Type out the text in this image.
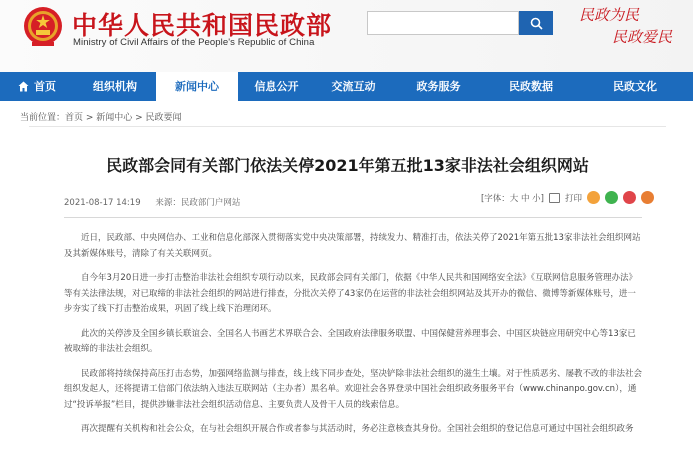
中华人民共和国民政部
Ministry of Civil Affairs of the People's Republic of China
民政为民
民政爱民
首页	组织机构	新闻中心	信息公开	交流互动	政务服务	民政数据	民政文化
当前位置：首页 > 新闻中心 > 民政要闻
民政部会同有关部门依法关停2021年第五批13家非法社会组织网站
2021-08-17 14:19 来源：民政部门户网站	[字体：大 中 小] 打印

近日，民政部、中央网信办、工业和信息化部深入贯彻落实党中央决策部署，持续发力、精准打击，依法关停了2021年第五批13家非法社会组织网站及其新媒体账号，清除了有关关联网页。

自今年3月20日进一步打击整治非法社会组织专项行动以来，民政部会同有关部门，依据《中华人民共和国网络安全法》《互联网信息服务管理办法》等有关法律法规，对已取缔的非法社会组织的网站进行排查，分批次关停了43家仍在运营的非法社会组织网站及其开办的微信、微博等新媒体账号，进一步夯实了线下打击整治成果，巩固了线上线下治理闭环。

此次的关停涉及全国乡镇长联谊会、全国名人书画艺术界联合会、全国政府法律服务联盟、中国保健营养理事会、中国区块链应用研究中心等13家已被取缔的非法社会组织。

民政部将持续保持高压打击态势，加强网络监测与排查，线上线下同步查处，坚决铲除非法社会组织的滋生土壤。对于性质恶劣、屡教不改的非法社会组织发起人，还将提请工信部门依法纳入违法互联网站（主办者）黑名单。欢迎社会各界登录中国社会组织政务服务平台（www.chinanpo.gov.cn），通过“投诉举报”栏目，提供涉嫌非法社会组织活动信息、主要负责人及骨干人员的线索信息。

再次提醒有关机构和社会公众，在与社会组织开展合作或者参与其活动时，务必注意核查其身份。全国社会组织的登记信息可通过中国社会组织政务
